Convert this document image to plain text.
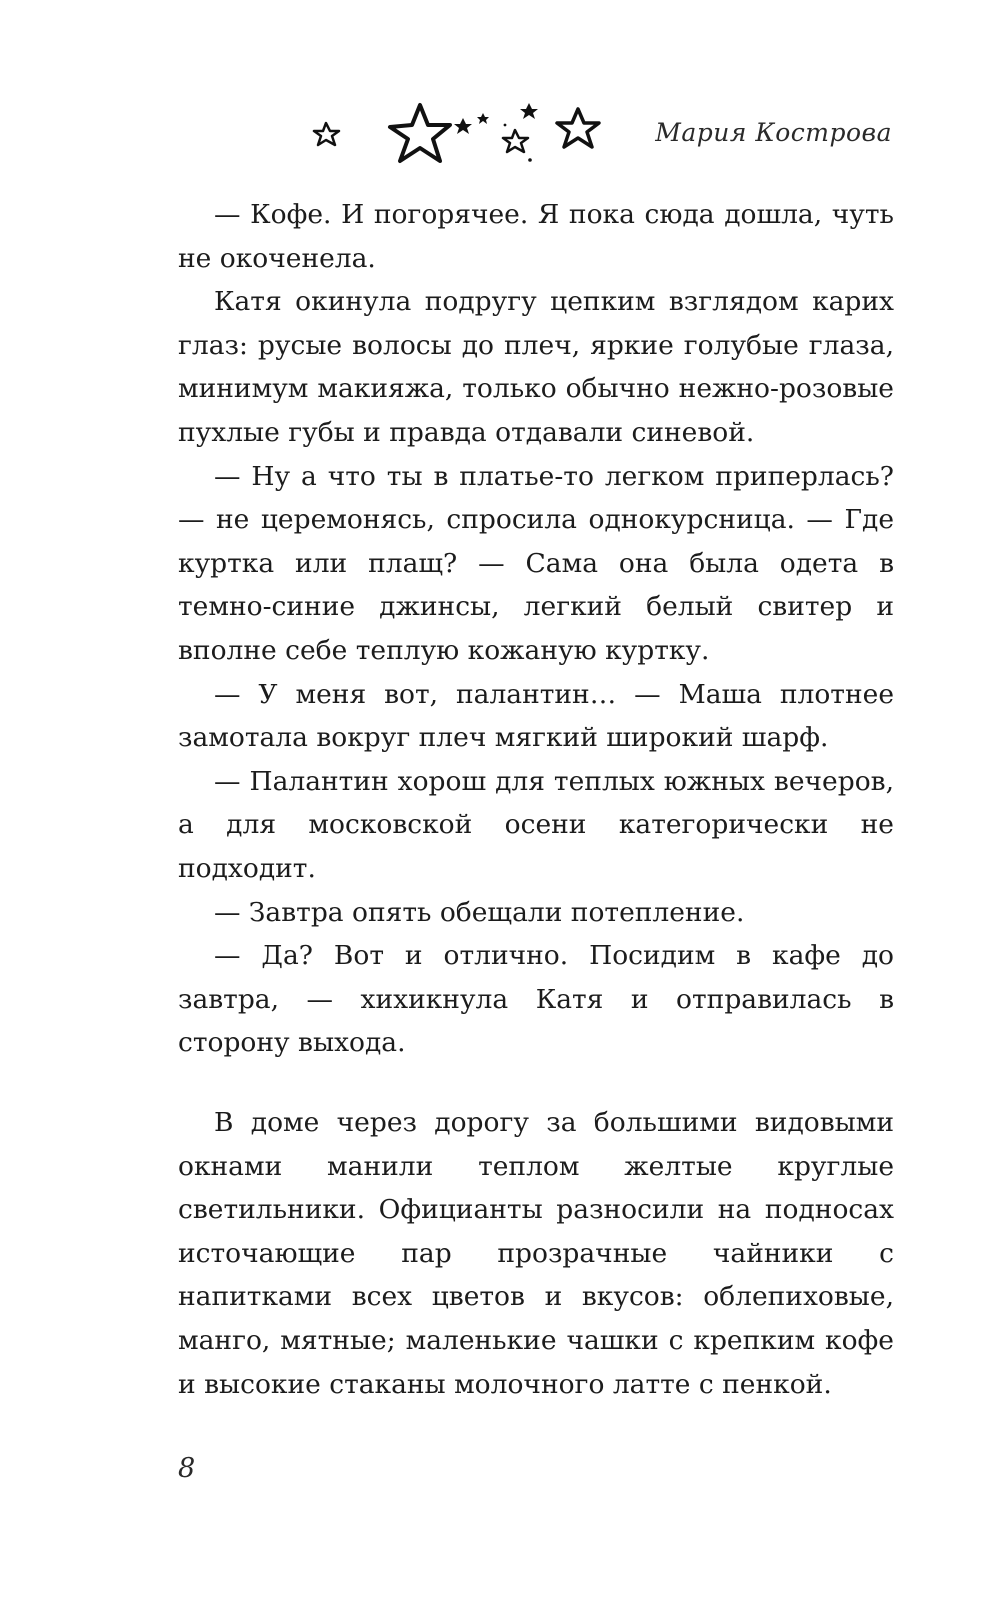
Мария Кострова

— Кофе. И погорячее. Я пока сюда дошла, чуть не окоченела.

Катя окинула подругу цепким взглядом карих глаз: русые волосы до плеч, яркие голубые глаза, минимум макияжа, только обычно нежно-розовые пухлые губы и правда отдавали синевой.

— Ну а что ты в платье-то легком приперлась? — не церемонясь, спросила однокурсница. — Где куртка или плащ? — Сама она была одета в темно-синие джинсы, легкий белый свитер и вполне себе теплую кожаную куртку.

— У меня вот, палантин… — Маша плотнее замотала вокруг плеч мягкий широкий шарф.

— Палантин хорош для теплых южных вечеров, а для московской осени категорически не подходит.

— Завтра опять обещали потепление.

— Да? Вот и отлично. Посидим в кафе до завтра, — хихикнула Катя и отправилась в сторону выхода.

В доме через дорогу за большими видовыми окнами манили теплом желтые круглые светильники. Официанты разносили на подносах источающие пар прозрачные чайники с напитками всех цветов и вкусов: облепиховые, манго, мятные; маленькие чашки с крепким кофе и высокие стаканы молочного латте с пенкой.

8
